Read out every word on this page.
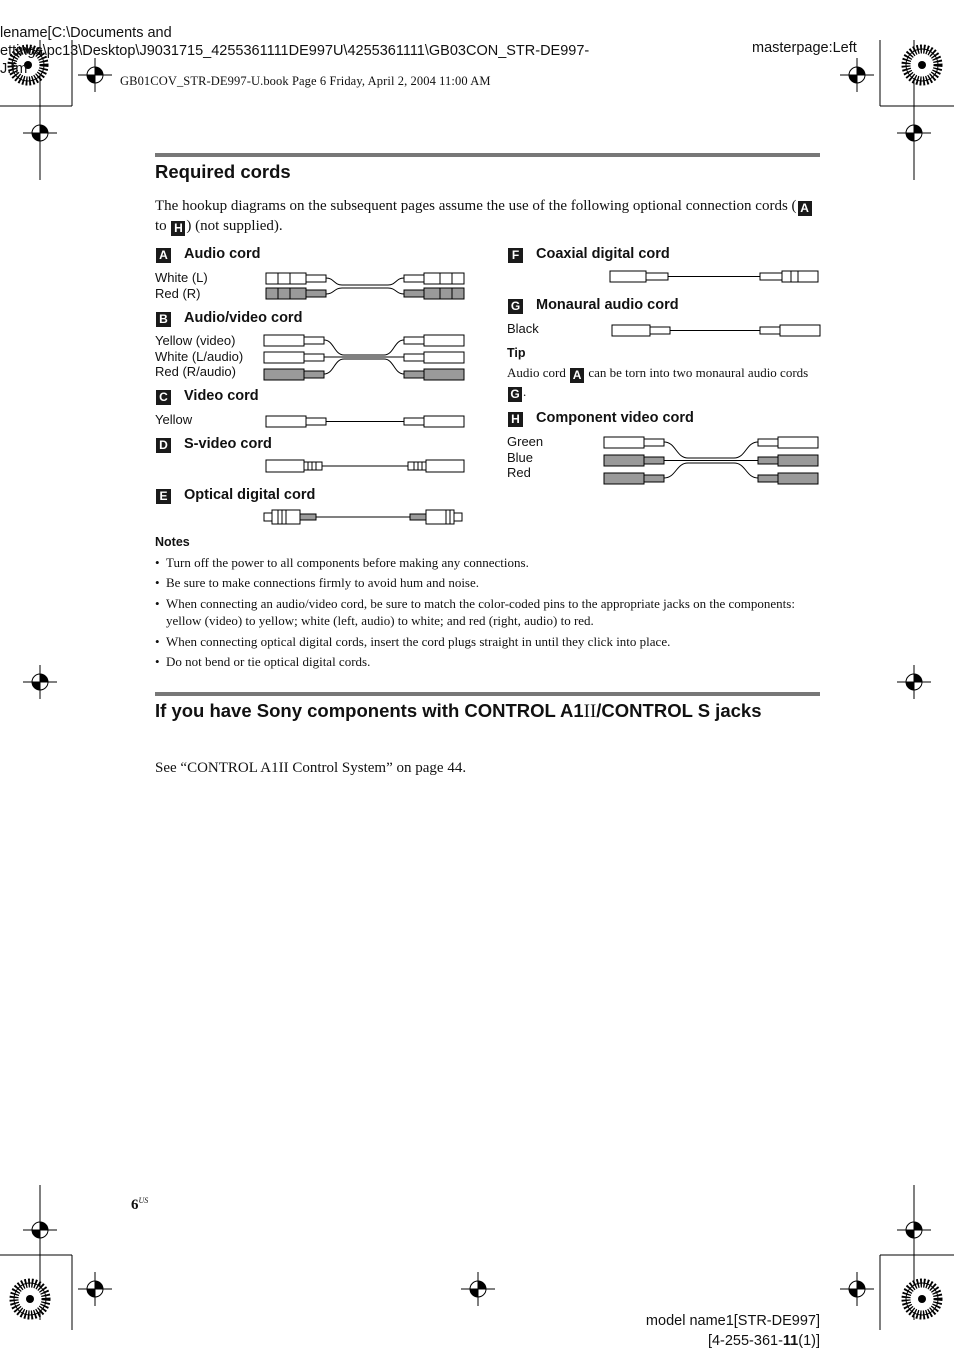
lename[C:\Documents and
ettings\pc13\Desktop\J9031715_4255361111DE997U\4255361111\GB03CON_STR-DE997-
J.fm
masterpage:Left
GB01COV_STR-DE997-U.book Page 6 Friday, April 2, 2004 11:00 AM
Required cords
The hookup diagrams on the subsequent pages assume the use of the following optional connection cords ( A to H ) (not supplied).
A Audio cord
White (L)
Red (R)
B Audio/video cord
Yellow (video)
White (L/audio)
Red (R/audio)
C Video cord
Yellow
D S-video cord
E Optical digital cord
F Coaxial digital cord
G Monaural audio cord
Black
Tip
Audio cord A can be torn into two monaural audio cords G .
H Component video cord
Green
Blue
Red
Notes
• Turn off the power to all components before making any connections.
• Be sure to make connections firmly to avoid hum and noise.
• When connecting an audio/video cord, be sure to match the color-coded pins to the appropriate jacks on the components: yellow (video) to yellow; white (left, audio) to white; and red (right, audio) to red.
• When connecting optical digital cords, insert the cord plugs straight in until they click into place.
• Do not bend or tie optical digital cords.
If you have Sony components with CONTROL A1II/CONTROL S jacks
See “CONTROL A1II Control System” on page 44.
$6^{US}$
model name1[STR-DE997]
[4-255-361-11(1)]
